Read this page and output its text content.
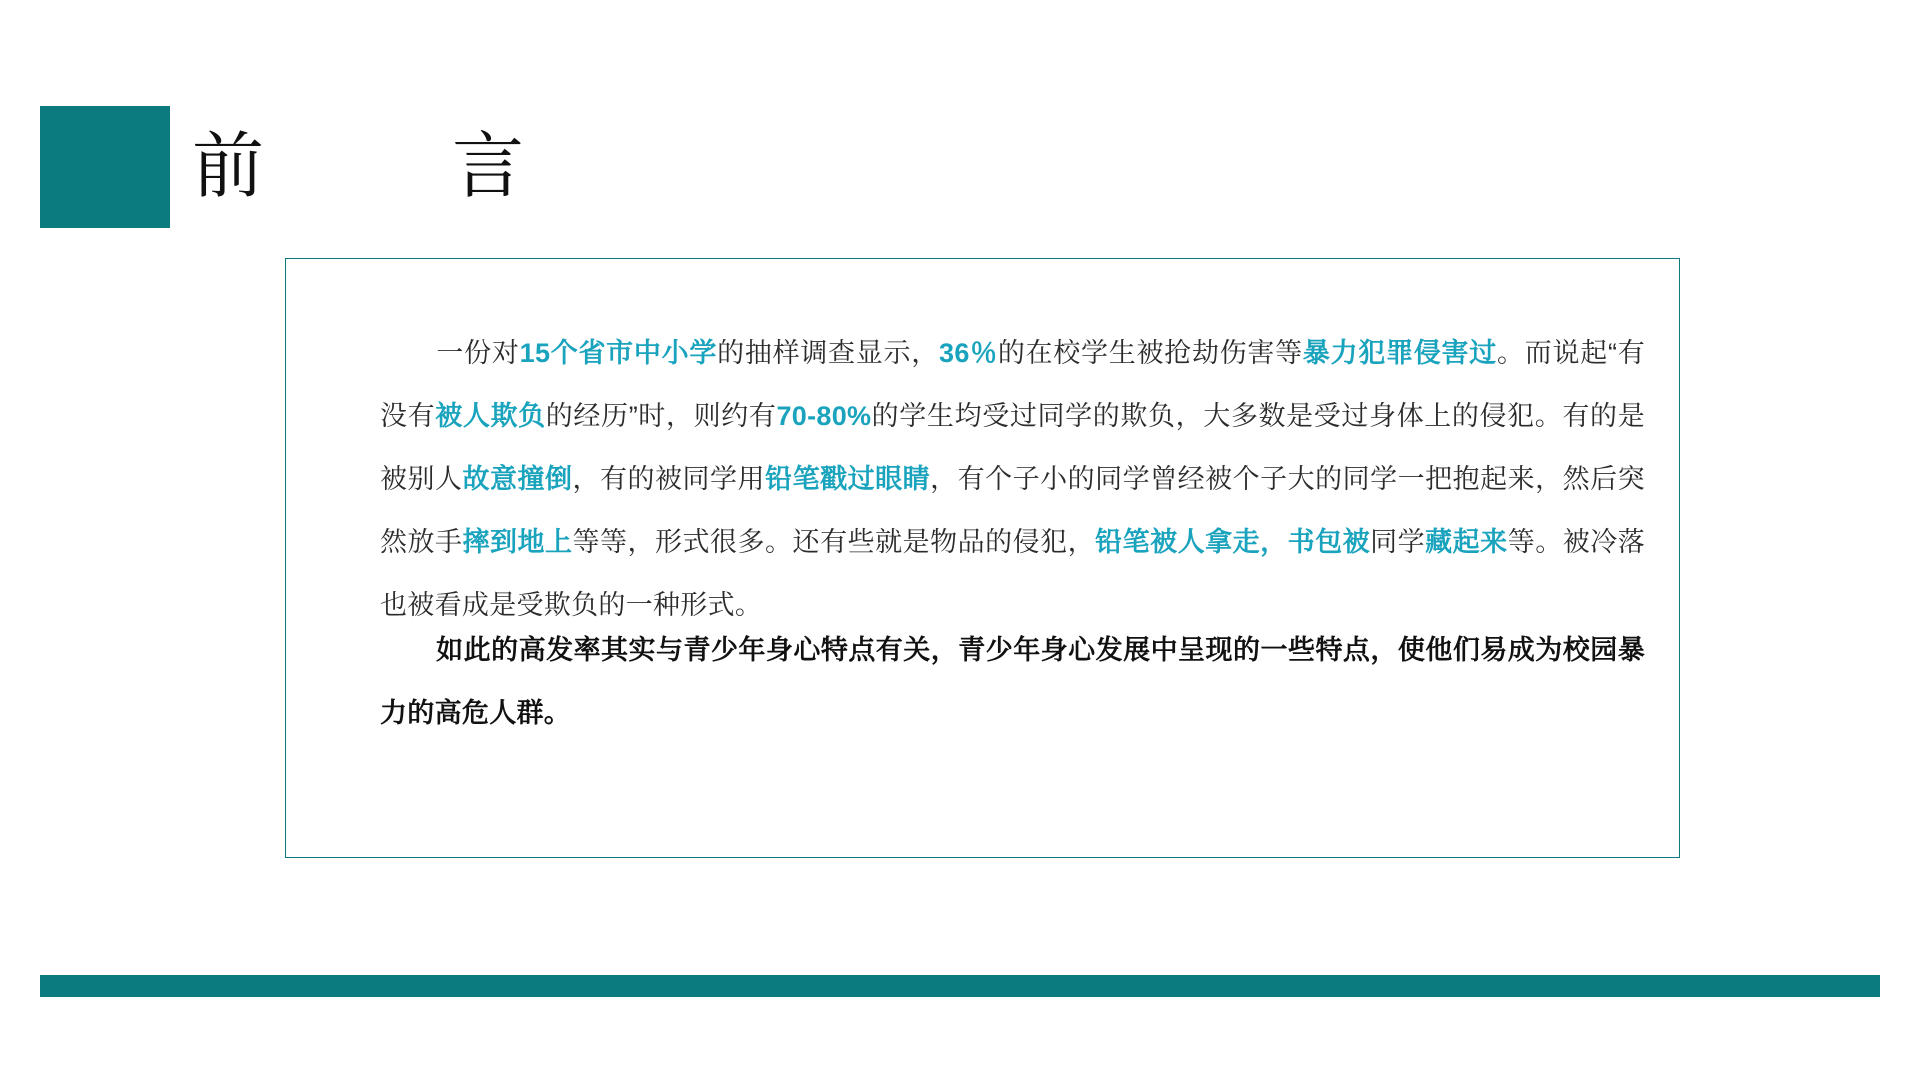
前    言
一份对15个省市中小学的抽样调查显示，36％的在校学生被抢劫伤害等暴力犯罪侵害过。而说起“有没有被人欺负的经历”时，则约有70-80%的学生均受过同学的欺负，大多数是受过身体上的侵犯。有的是被别人故意撞倒，有的被同学用铅笔戳过眼睛，有个子小的同学曾经被个子大的同学一把抱起来，然后突然放手摔到地上等等，形式很多。还有些就是物品的侵犯，铅笔被人拿走，书包被同学藏起来等。被冷落也被看成是受欺负的一种形式。
如此的高发率其实与青少年身心特点有关，青少年身心发展中呈现的一些特点，使他们易成为校园暴力的高危人群。
